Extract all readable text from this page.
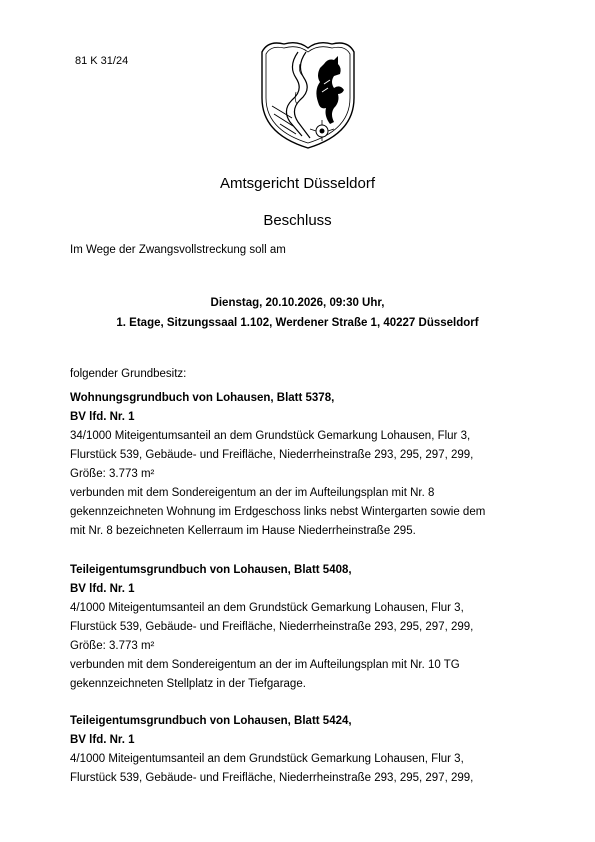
81 K 31/24
Amtsgericht Düsseldorf
Beschluss
Im Wege der Zwangsvollstreckung soll am
Dienstag, 20.10.2026, 09:30 Uhr,
1. Etage, Sitzungssaal 1.102, Werdener Straße 1, 40227 Düsseldorf
folgender Grundbesitz:

Wohnungsgrundbuch von Lohausen, Blatt 5378,

BV lfd. Nr. 1

34/1000 Miteigentumsanteil an dem Grundstück Gemarkung Lohausen, Flur 3,

Flurstück 539, Gebäude- und Freifläche, Niederrheinstraße 293, 295, 297, 299,

Größe: 3.773 m²

verbunden mit dem Sondereigentum an der im Aufteilungsplan mit Nr. 8

gekennzeichneten Wohnung im Erdgeschoss links nebst Wintergarten sowie dem

mit Nr. 8 bezeichneten Kellerraum im Hause Niederrheinstraße 295.

Teileigentumsgrundbuch von Lohausen, Blatt 5408,

BV lfd. Nr. 1

4/1000 Miteigentumsanteil an dem Grundstück Gemarkung Lohausen, Flur 3,

Flurstück 539, Gebäude- und Freifläche, Niederrheinstraße 293, 295, 297, 299,

Größe: 3.773 m²

verbunden mit dem Sondereigentum an der im Aufteilungsplan mit Nr. 10 TG

gekennzeichneten Stellplatz in der Tiefgarage.

Teileigentumsgrundbuch von Lohausen, Blatt 5424,

BV lfd. Nr. 1

4/1000 Miteigentumsanteil an dem Grundstück Gemarkung Lohausen, Flur 3,

Flurstück 539, Gebäude- und Freifläche, Niederrheinstraße 293, 295, 297, 299,
